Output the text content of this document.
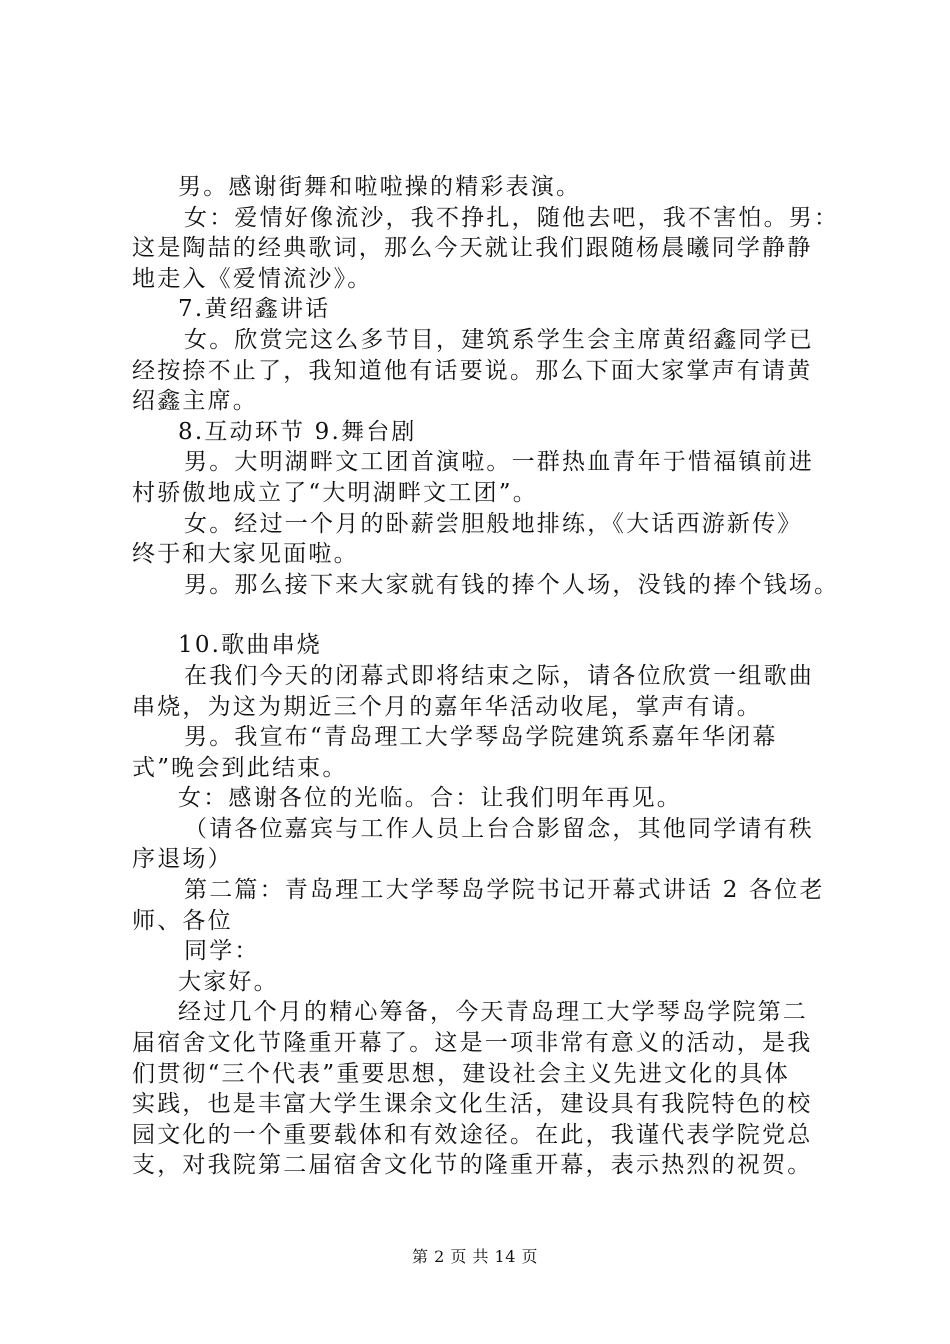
男。感谢街舞和啦啦操的精彩表演。
女：爱情好像流沙，我不挣扎，随他去吧，我不害怕。男：
这是陶喆的经典歌词，那么今天就让我们跟随杨晨曦同学静静
地走入《爱情流沙》。
7.黄绍鑫讲话
女。欣赏完这么多节目，建筑系学生会主席黄绍鑫同学已
经按捺不止了，我知道他有话要说。那么下面大家掌声有请黄
绍鑫主席。
8.互动环节 9.舞台剧
男。大明湖畔文工团首演啦。一群热血青年于惜福镇前进
村骄傲地成立了“大明湖畔文工团”。
女。经过一个月的卧薪尝胆般地排练，《大话西游新传》
终于和大家见面啦。
男。那么接下来大家就有钱的捧个人场，没钱的捧个钱场。
10.歌曲串烧
在我们今天的闭幕式即将结束之际，请各位欣赏一组歌曲
串烧，为这为期近三个月的嘉年华活动收尾，掌声有请。
男。我宣布“青岛理工大学琴岛学院建筑系嘉年华闭幕
式”晚会到此结束。
女：感谢各位的光临。合：让我们明年再见。
（请各位嘉宾与工作人员上台合影留念，其他同学请有秩
序退场）
第二篇：青岛理工大学琴岛学院书记开幕式讲话 2 各位老
师、各位
同学：
大家好。
经过几个月的精心筹备，今天青岛理工大学琴岛学院第二
届宿舍文化节隆重开幕了。这是一项非常有意义的活动，是我
们贯彻“三个代表”重要思想，建设社会主义先进文化的具体
实践，也是丰富大学生课余文化生活，建设具有我院特色的校
园文化的一个重要载体和有效途径。在此，我谨代表学院党总
支，对我院第二届宿舍文化节的隆重开幕，表示热烈的祝贺。
第 2 页 共 14 页
